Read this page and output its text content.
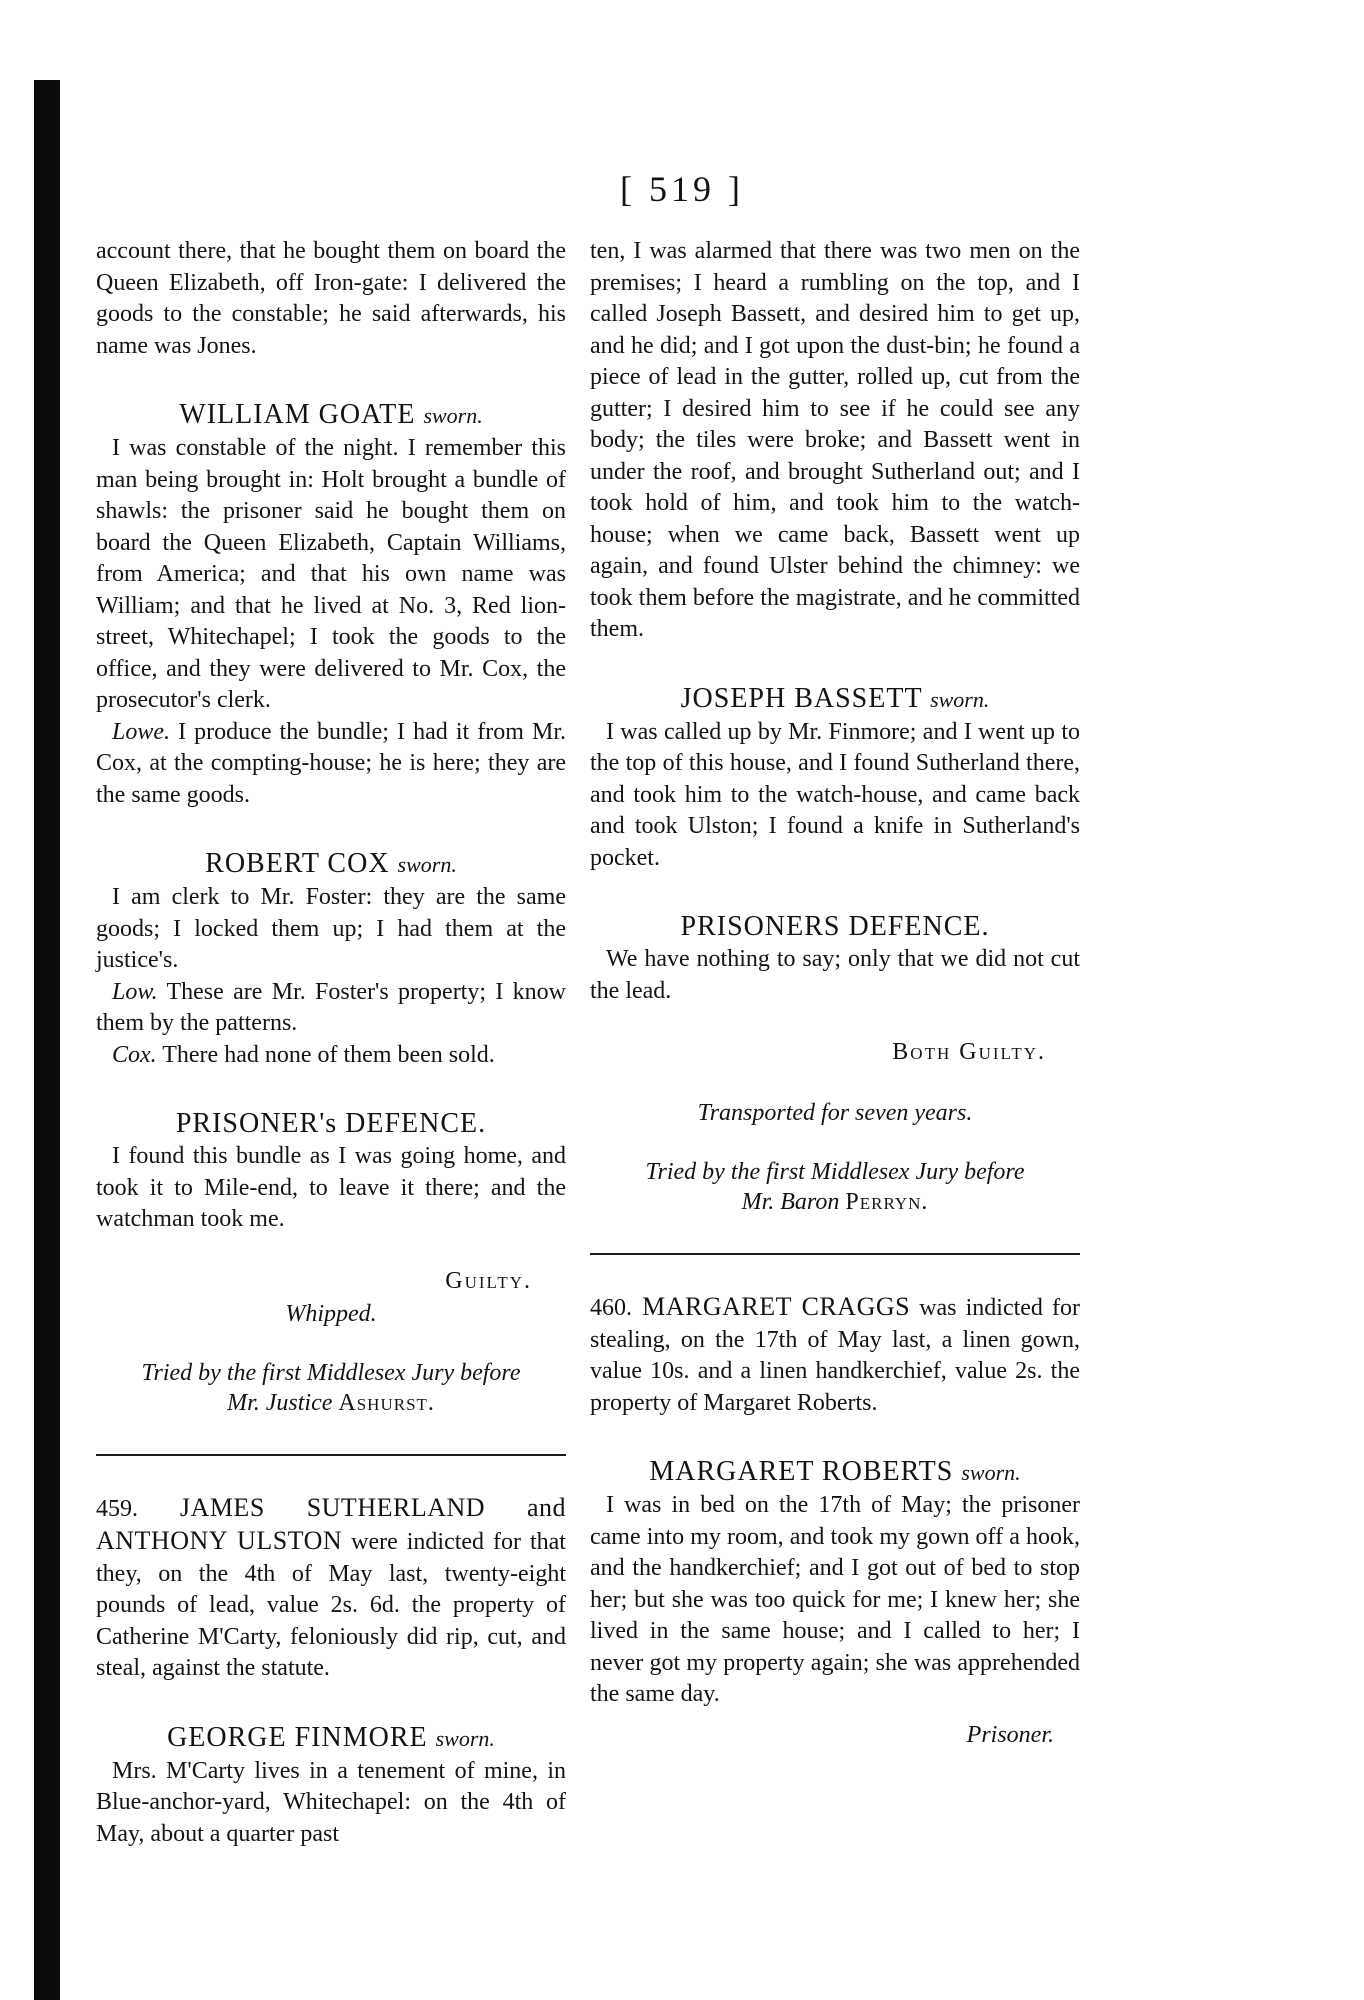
[ 519 ]

account there, that he bought them on board the Queen Elizabeth, off Iron-gate: I delivered the goods to the constable; he said afterwards, his name was Jones.

WILLIAM GOATE sworn.

I was constable of the night. I remember this man being brought in: Holt brought a bundle of shawls: the prisoner said he bought them on board the Queen Elizabeth, Captain Williams, from America; and that his own name was William; and that he lived at No. 3, Red lion-street, Whitechapel; I took the goods to the office, and they were delivered to Mr. Cox, the prosecutor's clerk.

Lowe. I produce the bundle; I had it from Mr. Cox, at the compting-house; he is here; they are the same goods.

ROBERT COX sworn.

I am clerk to Mr. Foster: they are the same goods; I locked them up; I had them at the justice's.

Low. These are Mr. Foster's property; I know them by the patterns.

Cox. There had none of them been sold.

PRISONER's DEFENCE.

I found this bundle as I was going home, and took it to Mile-end, to leave it there; and the watchman took me.

Guilty.

Whipped.

Tried by the first Middlesex Jury before

Mr. Justice Ashurst.

459. JAMES SUTHERLAND and ANTHONY ULSTON were indicted for that they, on the 4th of May last, twenty-eight pounds of lead, value 2s. 6d. the property of Catherine M'Carty, feloniously did rip, cut, and steal, against the statute.

GEORGE FINMORE sworn.

Mrs. M'Carty lives in a tenement of mine, in Blue-anchor-yard, Whitechapel: on the 4th of May, about a quarter past

ten, I was alarmed that there was two men on the premises; I heard a rumbling on the top, and I called Joseph Bassett, and desired him to get up, and he did; and I got upon the dust-bin; he found a piece of lead in the gutter, rolled up, cut from the gutter; I desired him to see if he could see any body; the tiles were broke; and Bassett went in under the roof, and brought Sutherland out; and I took hold of him, and took him to the watch-house; when we came back, Bassett went up again, and found Ulster behind the chimney: we took them before the magistrate, and he committed them.

JOSEPH BASSETT sworn.

I was called up by Mr. Finmore; and I went up to the top of this house, and I found Sutherland there, and took him to the watch-house, and came back and took Ulston; I found a knife in Sutherland's pocket.

PRISONERS DEFENCE.

We have nothing to say; only that we did not cut the lead.

Both Guilty.

Transported for seven years.

Tried by the first Middlesex Jury before

Mr. Baron Perryn.

460. MARGARET CRAGGS was indicted for stealing, on the 17th of May last, a linen gown, value 10s. and a linen handkerchief, value 2s. the property of Margaret Roberts.

MARGARET ROBERTS sworn.

I was in bed on the 17th of May; the prisoner came into my room, and took my gown off a hook, and the handkerchief; and I got out of bed to stop her; but she was too quick for me; I knew her; she lived in the same house; and I called to her; I never got my property again; she was apprehended the same day.

Prisoner.
